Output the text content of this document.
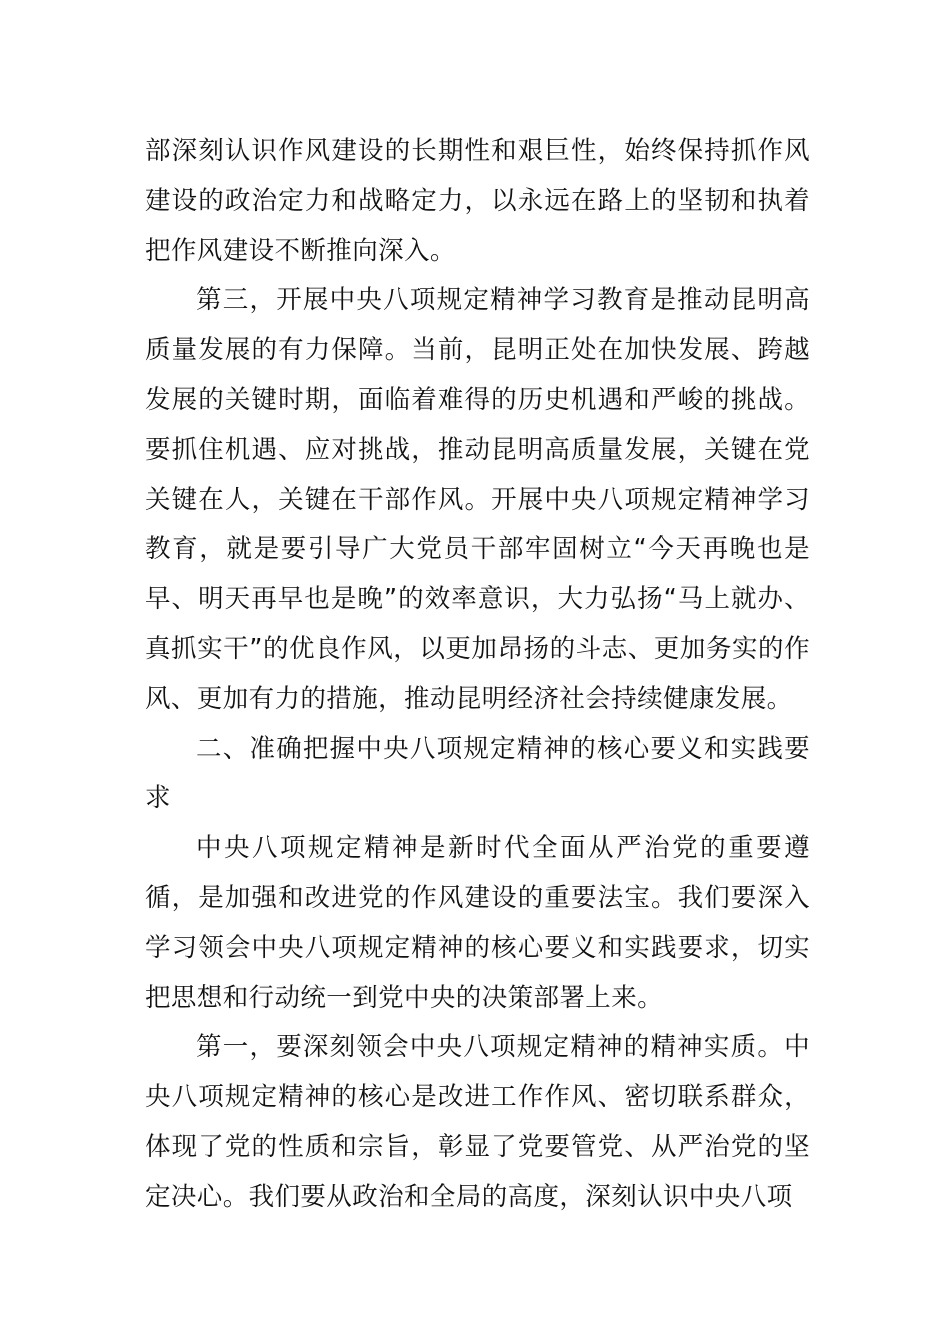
部深刻认识作风建设的长期性和艰巨性，始终保持抓作风建设的政治定力和战略定力，以永远在路上的坚韧和执着把作风建设不断推向深入。

第三，开展中央八项规定精神学习教育是推动昆明高质量发展的有力保障。当前，昆明正处在加快发展、跨越发展的关键时期，面临着难得的历史机遇和严峻的挑战。要抓住机遇、应对挑战，推动昆明高质量发展，关键在党关键在人，关键在干部作风。开展中央八项规定精神学习教育，就是要引导广大党员干部牢固树立“今天再晚也是早、明天再早也是晚”的效率意识，大力弘扬“马上就办、真抓实干”的优良作风，以更加昂扬的斗志、更加务实的作风、更加有力的措施，推动昆明经济社会持续健康发展。

二、准确把握中央八项规定精神的核心要义和实践要求

中央八项规定精神是新时代全面从严治党的重要遵循，是加强和改进党的作风建设的重要法宝。我们要深入学习领会中央八项规定精神的核心要义和实践要求，切实把思想和行动统一到党中央的决策部署上来。

第一，要深刻领会中央八项规定精神的精神实质。中央八项规定精神的核心是改进工作作风、密切联系群众，体现了党的性质和宗旨，彰显了党要管党、从严治党的坚定决心。我们要从政治和全局的高度，深刻认识中央八项
